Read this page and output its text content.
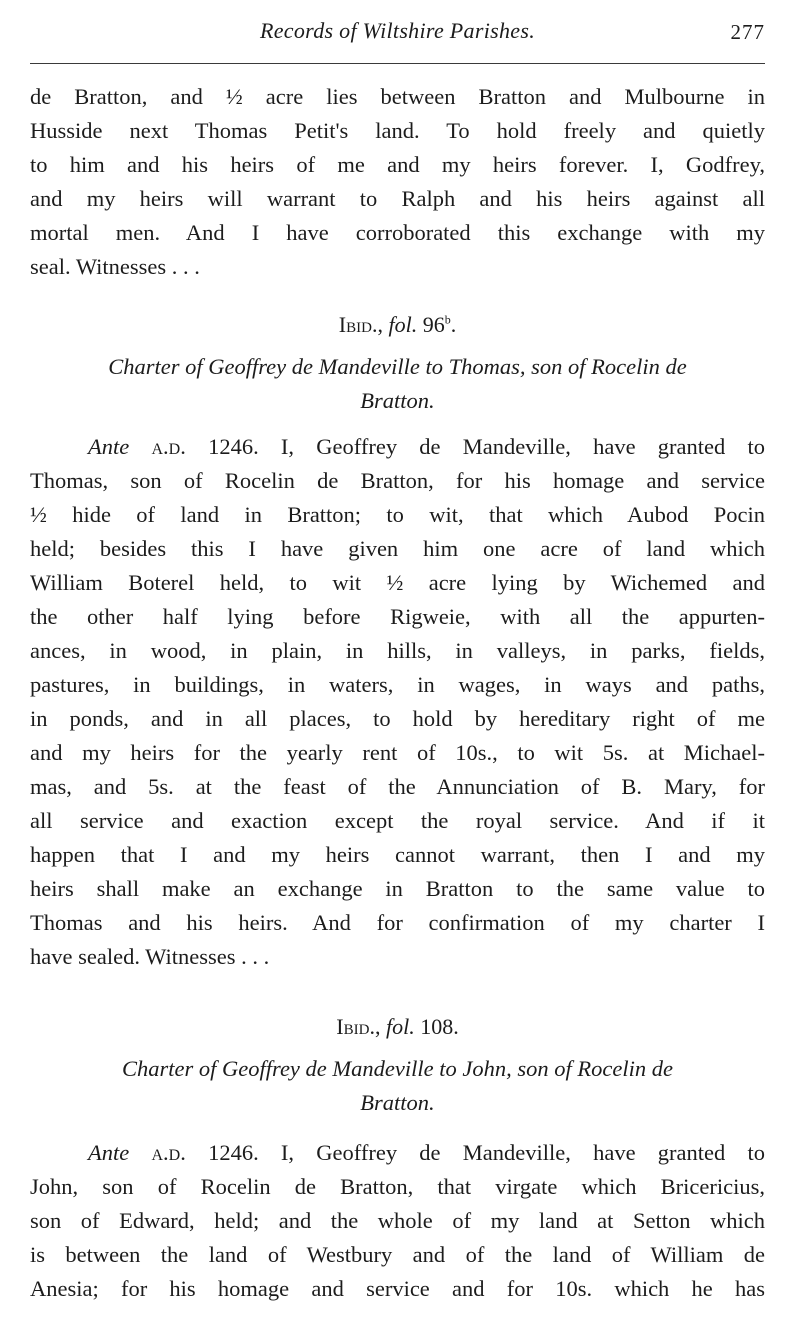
Records of Wiltshire Parishes.	277
de Bratton, and ½ acre lies between Bratton and Mulbourne in
Husside next Thomas Petit's land. To hold freely and quietly
to him and his heirs of me and my heirs forever. I, Godfrey,
and my heirs will warrant to Ralph and his heirs against all
mortal men. And I have corroborated this exchange with my
seal. Witnesses . . .
Ibid., fol. 96$^b$.
Charter of Geoffrey de Mandeville to Thomas, son of Rocelin de
Bratton.
Ante a.d. 1246. I, Geoffrey de Mandeville, have granted to
Thomas, son of Rocelin de Bratton, for his homage and service
½ hide of land in Bratton; to wit, that which Aubod Pocin
held; besides this I have given him one acre of land which
William Boterel held, to wit ½ acre lying by Wichemed and
the other half lying before Rigweie, with all the appurten-
ances, in wood, in plain, in hills, in valleys, in parks, fields,
pastures, in buildings, in waters, in wages, in ways and paths,
in ponds, and in all places, to hold by hereditary right of me
and my heirs for the yearly rent of 10s., to wit 5s. at Michael-
mas, and 5s. at the feast of the Annunciation of B. Mary, for
all service and exaction except the royal service. And if it
happen that I and my heirs cannot warrant, then I and my
heirs shall make an exchange in Bratton to the same value to
Thomas and his heirs. And for confirmation of my charter I
have sealed. Witnesses . . .
Ibid., fol. 108.
Charter of Geoffrey de Mandeville to John, son of Rocelin de
Bratton.
Ante a.d. 1246. I, Geoffrey de Mandeville, have granted to
John, son of Rocelin de Bratton, that virgate which Bricericius,
son of Edward, held; and the whole of my land at Setton which
is between the land of Westbury and of the land of William de
Anesia; for his homage and service and for 10s. which he has
